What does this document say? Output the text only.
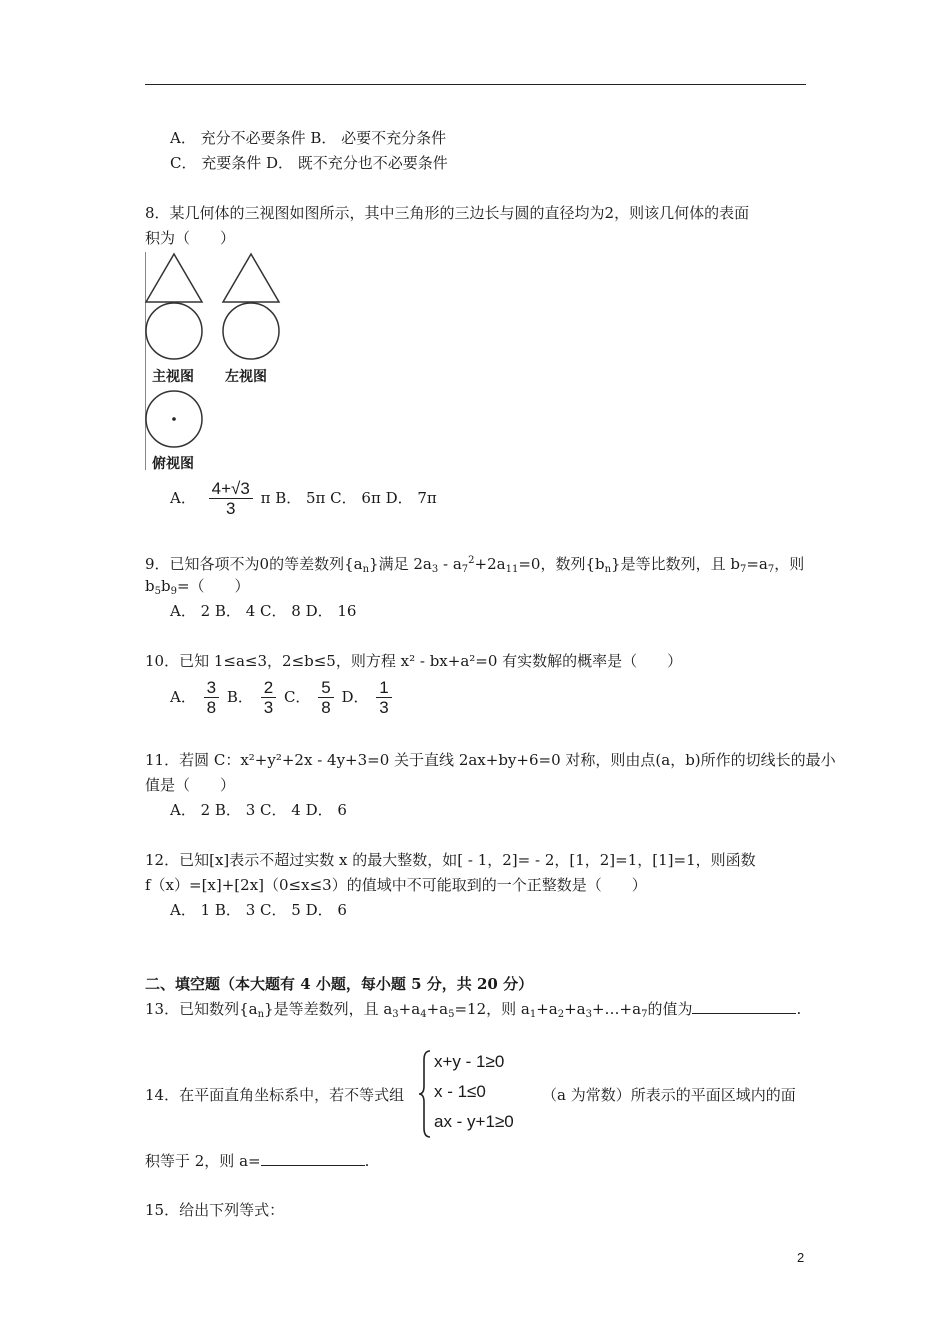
A． 充分不必要条件 B． 必要不充分条件
C． 充要条件 D． 既不充分也不必要条件
8．某几何体的三视图如图所示，其中三角形的三边长与圆的直径均为2，则该几何体的表面
积为（　　）
主视图 左视图
俯视图
A． $\frac{4+√3}{3}$ π B． 5π C． 6π D． 7π
9．已知各项不为0的等差数列$\{a_n\}$满足 $2a_3 - a_7^2+2a_{11}=0$，数列$\{b_n\}$是等比数列，且 $b_7=a_7$，则
$b_5b_9=$（　　）
A． 2 B． 4 C． 8 D． 16
10．已知 1≤a≤3，2≤b≤5，则方程 x² - bx+a²=0 有实数解的概率是（　　）
A． $\frac{3}{8}$ B． $\frac{2}{3}$ C． $\frac{5}{8}$ D． $\frac{1}{3}$
11．若圆 C：x²+y²+2x - 4y+3=0 关于直线 2ax+by+6=0 对称，则由点(a，b)所作的切线长的最小
值是（　　）
A． 2 B． 3 C． 4 D． 6
12．已知[x]表示不超过实数 x 的最大整数，如[ - 1，2]= - 2，[1，2]=1，[1]=1，则函数
f（x）=[x]+[2x]（0≤x≤3）的值域中不可能取到的一个正整数是（　　）
A． 1 B． 3 C． 5 D． 6
二、填空题（本大题有 4 小题，每小题 5 分，共 20 分）
13．已知数列$\{a_n\}$是等差数列，且 $a_3+a_4+a_5=12$，则 $a_1+a_2+a_3+\dots+a_7$的值为	.
14．在平面直角坐标系中，若不等式组
x+y - 1≥0
x - 1≤0
ax - y+1≥0
（a 为常数）所表示的平面区域内的面
积等于 2，则 a=	.
15．给出下列等式：
2
